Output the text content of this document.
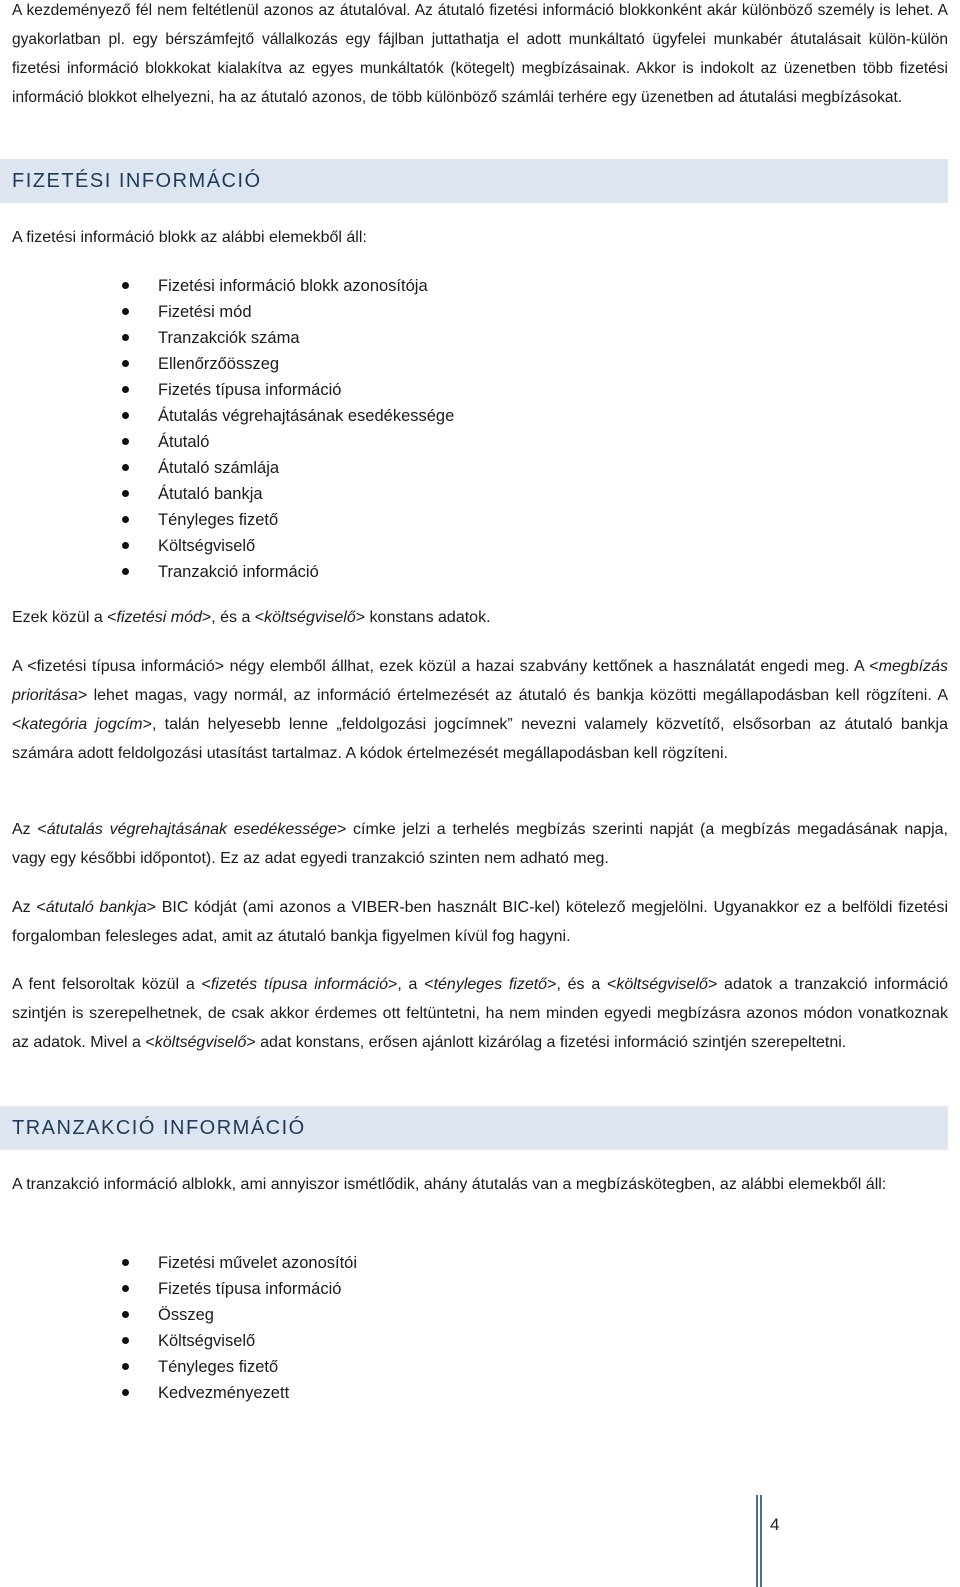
A kezdeményező fél nem feltétlenül azonos az átutalóval. Az átutaló fizetési információ blokkonként akár különböző személy is lehet. A gyakorlatban pl. egy bérszámfejtő vállalkozás egy fájlban juttathatja el adott munkáltató ügyfelei munkabér átutalásait külön-külön fizetési információ blokkokat kialakítva az egyes munkáltatók (kötegelt) megbízásainak. Akkor is indokolt az üzenetben több fizetési információ blokkot elhelyezni, ha az átutaló azonos, de több különböző számlái terhére egy üzenetben ad átutalási megbízásokat.

FIZETÉSI INFORMÁCIÓ

A fizetési információ blokk az alábbi elemekből áll:

Fizetési információ blokk azonosítója
Fizetési mód
Tranzakciók száma
Ellenőrzőösszeg
Fizetés típusa információ
Átutalás végrehajtásának esedékessége
Átutaló
Átutaló számlája
Átutaló bankja
Tényleges fizető
Költségviselő
Tranzakció információ

Ezek közül a <fizetési mód>, és a <költségviselő> konstans adatok.

A <fizetési típusa információ> négy elemből állhat, ezek közül a hazai szabvány kettőnek a használatát engedi meg. A <megbízás prioritása> lehet magas, vagy normál, az információ értelmezését az átutaló és bankja közötti megállapodásban kell rögzíteni. A <kategória jogcím>, talán helyesebb lenne „feldolgozási jogcímnek” nevezni valamely közvetítő, elsősorban az átutaló bankja számára adott feldolgozási utasítást tartalmaz. A kódok értelmezését megállapodásban kell rögzíteni.

Az <átutalás végrehajtásának esedékessége> címke jelzi a terhelés megbízás szerinti napját (a megbízás megadásának napja, vagy egy későbbi időpontot). Ez az adat egyedi tranzakció szinten nem adható meg.

Az <átutaló bankja> BIC kódját (ami azonos a VIBER-ben használt BIC-kel) kötelező megjelölni. Ugyanakkor ez a belföldi fizetési forgalomban felesleges adat, amit az átutaló bankja figyelmen kívül fog hagyni.

A fent felsoroltak közül a <fizetés típusa információ>, a <tényleges fizető>, és a <költségviselő> adatok a tranzakció információ szintjén is szerepelhetnek, de csak akkor érdemes ott feltüntetni, ha nem minden egyedi megbízásra azonos módon vonatkoznak az adatok. Mivel a <költségviselő> adat konstans, erősen ajánlott kizárólag a fizetési információ szintjén szerepeltetni.

TRANZAKCIÓ INFORMÁCIÓ

A tranzakció információ alblokk, ami annyiszor ismétlődik, ahány átutalás van a megbízáskötegben, az alábbi elemekből áll:

Fizetési művelet azonosítói
Fizetés típusa információ
Összeg
Költségviselő
Tényleges fizető
Kedvezményezett
4
